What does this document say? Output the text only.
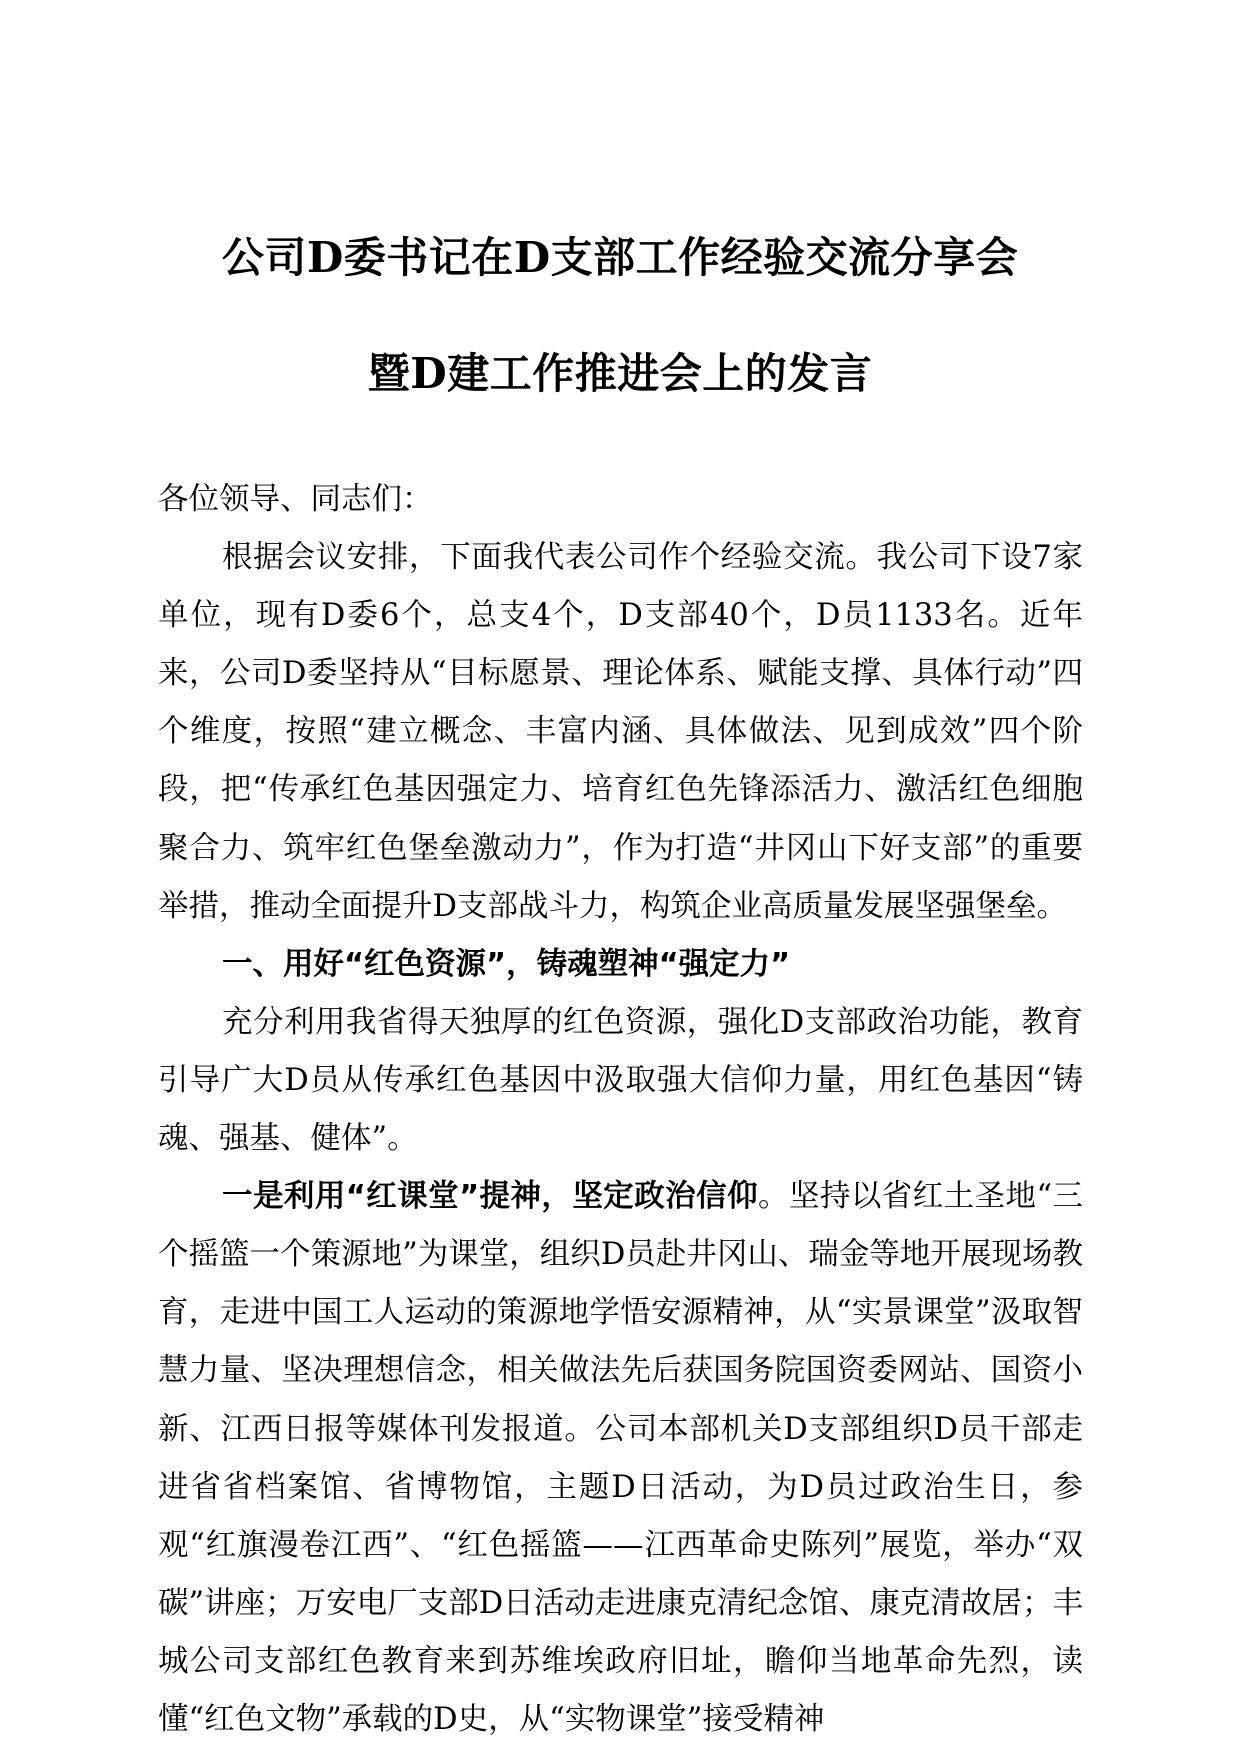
公司D委书记在D支部工作经验交流分享会
暨D建工作推进会上的发言

各位领导、同志们：

根据会议安排，下面我代表公司作个经验交流。我公司下设7家单位，现有D委6个，总支4个，D支部40个，D员1133名。近年来，公司D委坚持从“目标愿景、理论体系、赋能支撑、具体行动”四个维度，按照“建立概念、丰富内涵、具体做法、见到成效”四个阶段，把“传承红色基因强定力、培育红色先锋添活力、激活红色细胞聚合力、筑牢红色堡垒激动力”，作为打造“井冈山下好支部”的重要举措，推动全面提升D支部战斗力，构筑企业高质量发展坚强堡垒。

一、用好“红色资源”，铸魂塑神“强定力”

充分利用我省得天独厚的红色资源，强化D支部政治功能，教育引导广大D员从传承红色基因中汲取强大信仰力量，用红色基因“铸魂、强基、健体”。

一是利用“红课堂”提神，坚定政治信仰。坚持以省红土圣地“三个摇篮一个策源地”为课堂，组织D员赴井冈山、瑞金等地开展现场教育，走进中国工人运动的策源地学悟安源精神，从“实景课堂”汲取智慧力量、坚决理想信念，相关做法先后获国务院国资委网站、国资小新、江西日报等媒体刊发报道。公司本部机关D支部组织D员干部走进省省档案馆、省博物馆，主题D日活动，为D员过政治生日，参观“红旗漫卷江西”、“红色摇篮——江西革命史陈列”展览，举办“双碳”讲座；万安电厂支部D日活动走进康克清纪念馆、康克清故居；丰城公司支部红色教育来到苏维埃政府旧址，瞻仰当地革命先烈，读懂“红色文物”承载的D史，从“实物课堂”接受精神
